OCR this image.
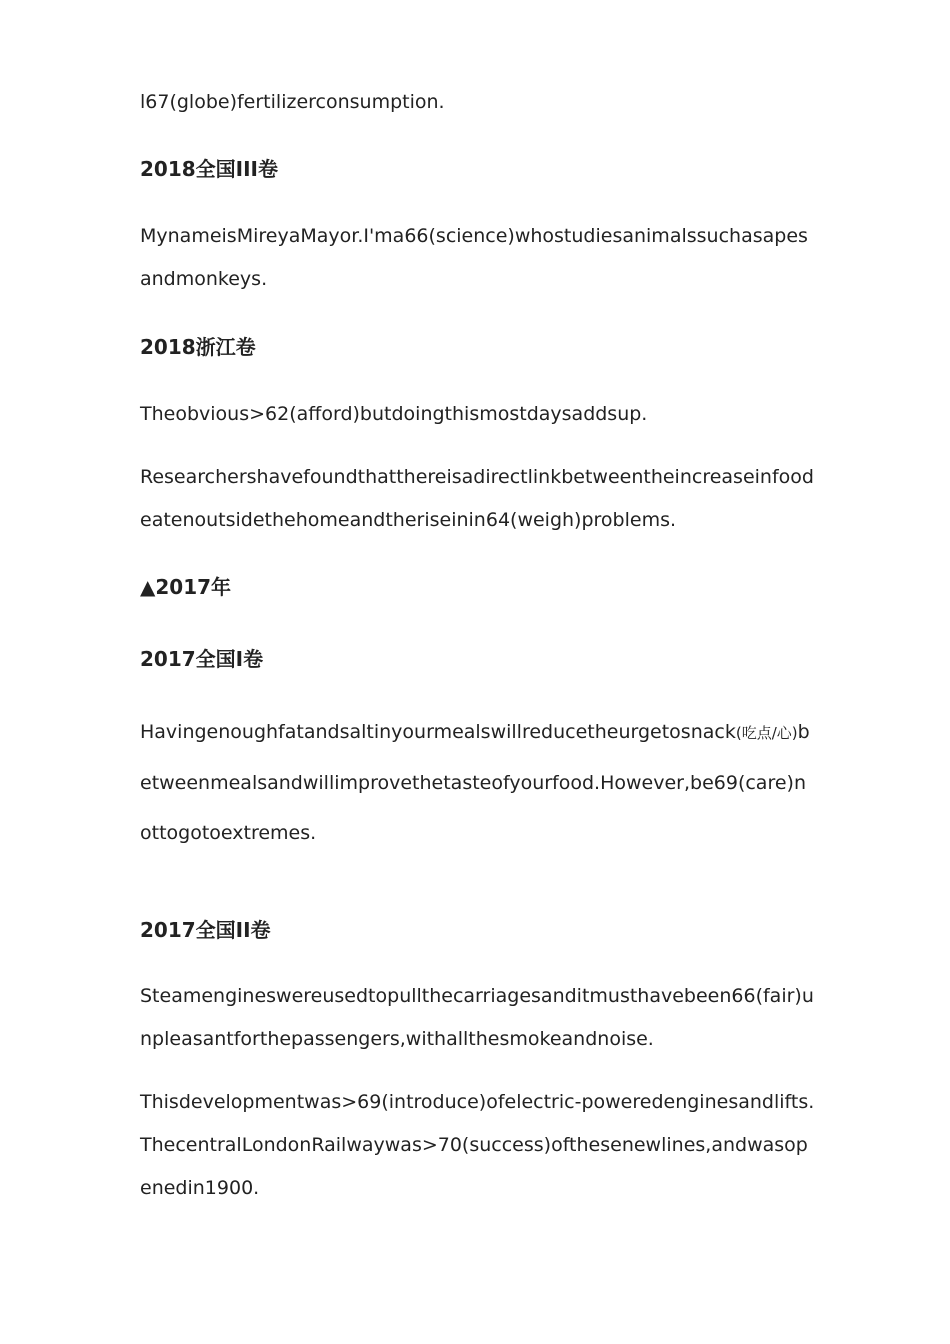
l67(globe)fertilizerconsumption.

2018全国III卷

MynameisMireyaMayor.I'ma66(science)whostudiesanimalssuchasapesandmonkeys.

2018浙江卷

Theobvious>62(afford)butdoingthismostdaysaddsup.

Researchershavefoundthatthereisadirectlinkbetweentheincreaseinfoodeatenoutsidethehomeandtheriseinin64(weigh)problems.

▲2017年

2017全国I卷

Havingenoughfatandsaltinyourmealswillreducetheurgetosnack(吃点/心)betweenmealsandwillimprovethetasteofyourfood.However,be69(care)nottogotoextremes.

2017全国II卷

Steamengineswereusedtopullthecarriagesanditmusthavebeen66(fair)unpleasantforthepassengers,withallthesmokeandnoise.

Thisdevelopmentwas>69(introduce)ofelectric-poweredenginesandlifts.ThecentralLondonRailwaywas>70(success)ofthesenewlines,andwasopenedin1900.
